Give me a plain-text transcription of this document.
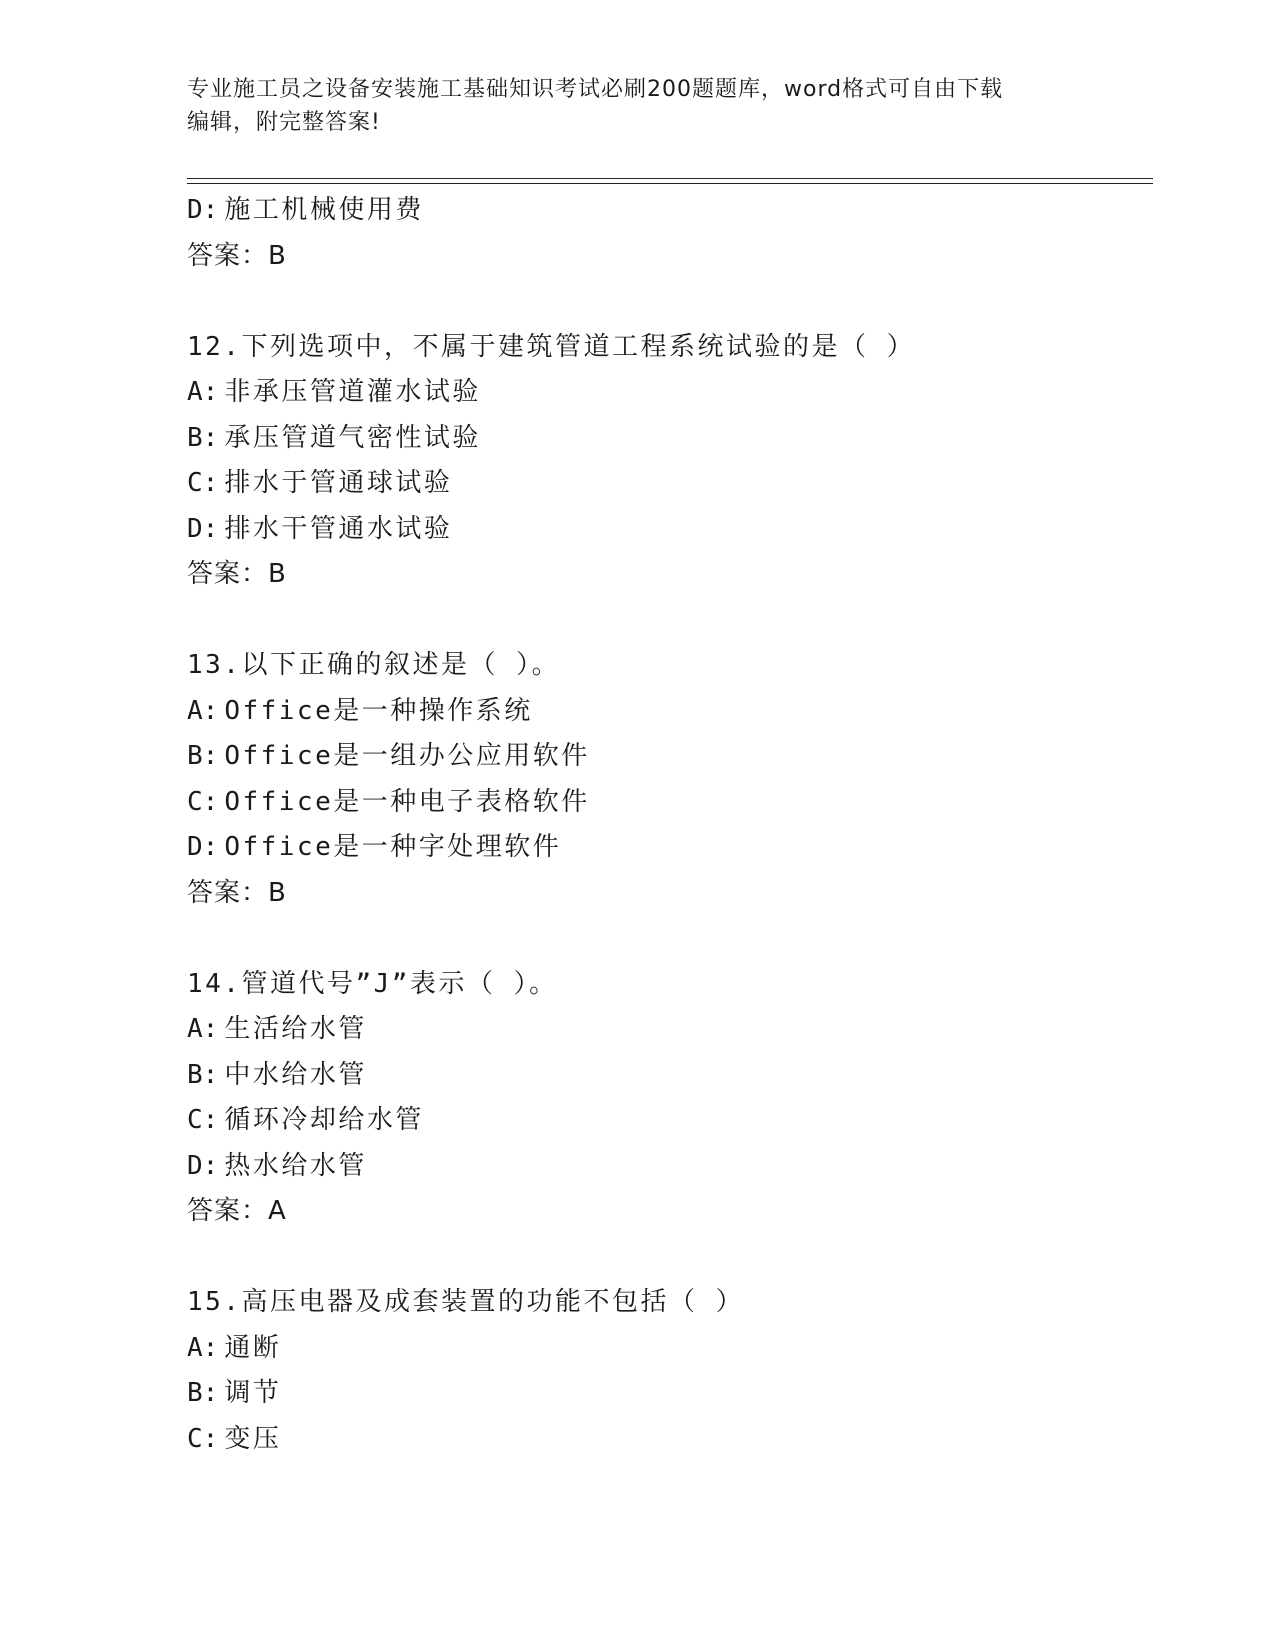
专业施工员之设备安装施工基础知识考试必刷200题题库，word格式可自由下载
编辑，附完整答案!
D: 施工机械使用费
答案：B
12.下列选项中，不属于建筑管道工程系统试验的是（ ）
A: 非承压管道灌水试验
B: 承压管道气密性试验
C: 排水于管通球试验
D: 排水干管通水试验
答案：B
13.以下正确的叙述是（ ）。
A: Office是一种操作系统
B: Office是一组办公应用软件
C: Office是一种电子表格软件
D: Office是一种字处理软件
答案：B
14.管道代号”J”表示（ ）。
A: 生活给水管
B: 中水给水管
C: 循环冷却给水管
D: 热水给水管
答案：A
15.高压电器及成套装置的功能不包括（ ）
A: 通断
B: 调节
C: 变压
